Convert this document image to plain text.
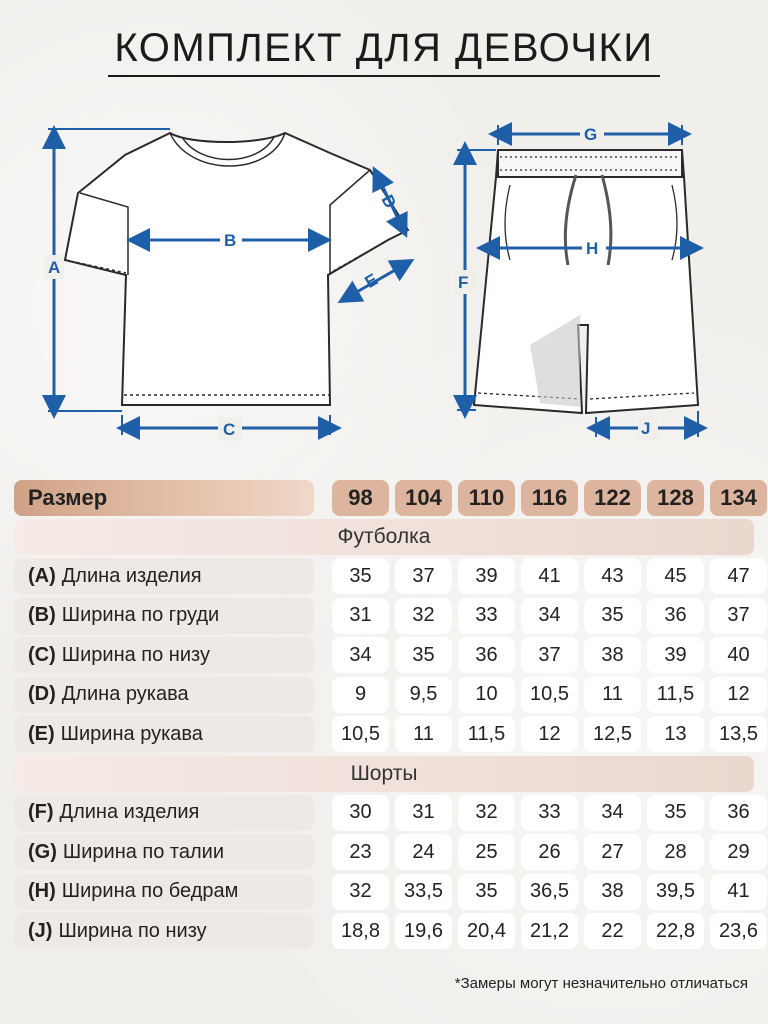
КОМПЛЕКТ ДЛЯ ДЕВОЧКИ
A
B
C
D
E
G
H
F
J
Размер	98	104	110	116	122	128	134
Футболка
(A) Длина изделия	35	37	39	41	43	45	47
(B) Ширина по груди	31	32	33	34	35	36	37
(C) Ширина по низу	34	35	36	37	38	39	40
(D) Длина рукава	9	9,5	10	10,5	11	11,5	12
(E) Ширина рукава	10,5	11	11,5	12	12,5	13	13,5
Шорты
(F) Длина изделия	30	31	32	33	34	35	36
(G) Ширина по талии	23	24	25	26	27	28	29
(H) Ширина по бедрам	32	33,5	35	36,5	38	39,5	41
(J) Ширина по низу	18,8	19,6	20,4	21,2	22	22,8	23,6
*Замеры могут незначительно отличаться
